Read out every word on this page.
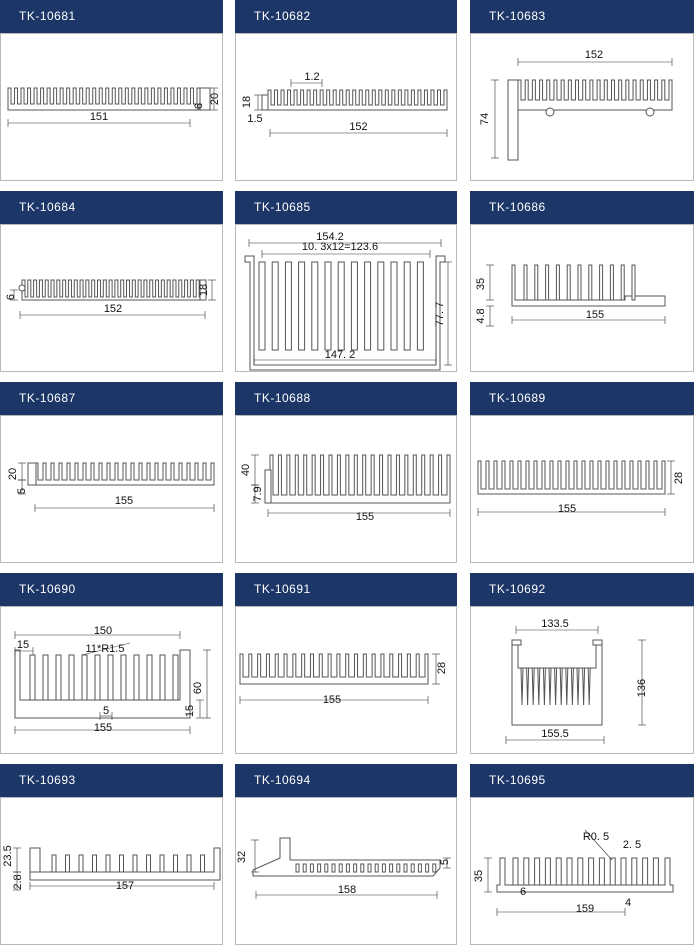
TK-10681	TK-10682	TK-10683
TK-10684	TK-10685	TK-10686
TK-10687	TK-10688	TK-10689
TK-10690	TK-10691	TK-10692
TK-10693	TK-10694	TK-10695
151
20
6
152
18
1.5
1.2
152
74
152
18
6
154.2
10. 3x12=123.6
147. 2
77. 7	155
35
4.8
155
20
5
155
40
7.9
155
28
150
155
60
15
15
5
11*R1.5
155
28
133.5
155.5
136
157
23.5
2.8
158
32	5
159
35
6
4
R0. 5
2. 5
